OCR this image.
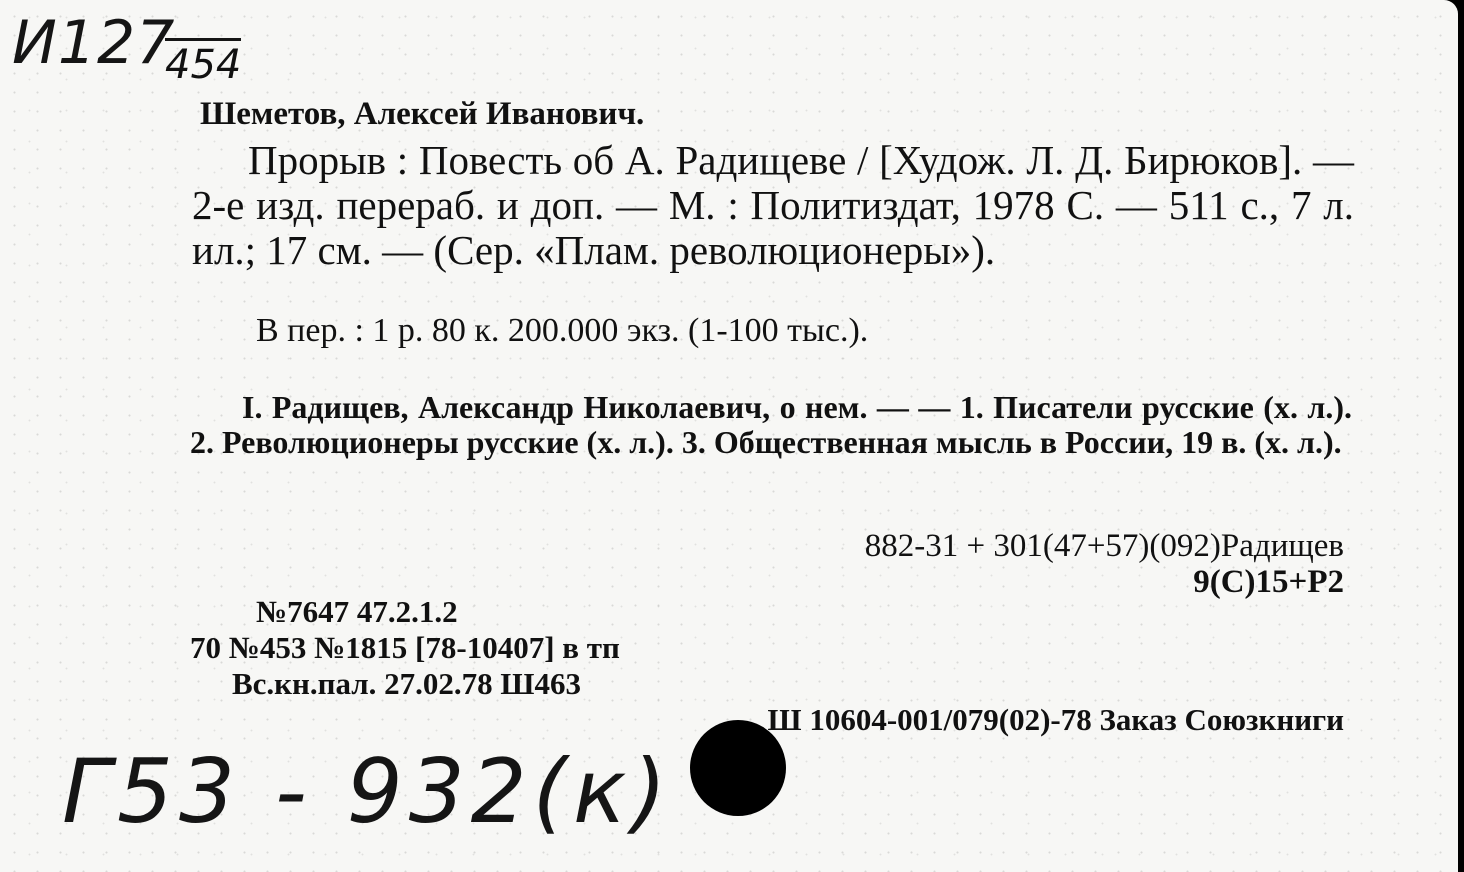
И127
454
Шеметов, Алексей Иванович.
Прорыв : Повесть об А. Радищеве / [Худож. Л. Д. Бирюков]. — 2-е изд. перераб. и доп. — М. : Политиздат, 1978 С. — 511 с., 7 л. ил.; 17 см. — (Сер. «Плам. революционеры»).
В пер. : 1 р. 80 к. 200.000 экз. (1-100 тыс.).
I. Радищев, Александр Николаевич, о нем. — — 1. Писатели русские (х. л.). 2. Революционеры русские (х. л.). 3. Общественная мысль в России, 19 в. (х. л.).
882-31 + 301(47+57)(092)Радищев
9(С)15+Р2
№7647 47.2.1.2
70 №453 №1815 [78-10407] в тп
Вс.кн.пал. 27.02.78 Ш463
Ш 10604-001/079(02)-78 Заказ Союзкниги
Г53 - 932(к)
